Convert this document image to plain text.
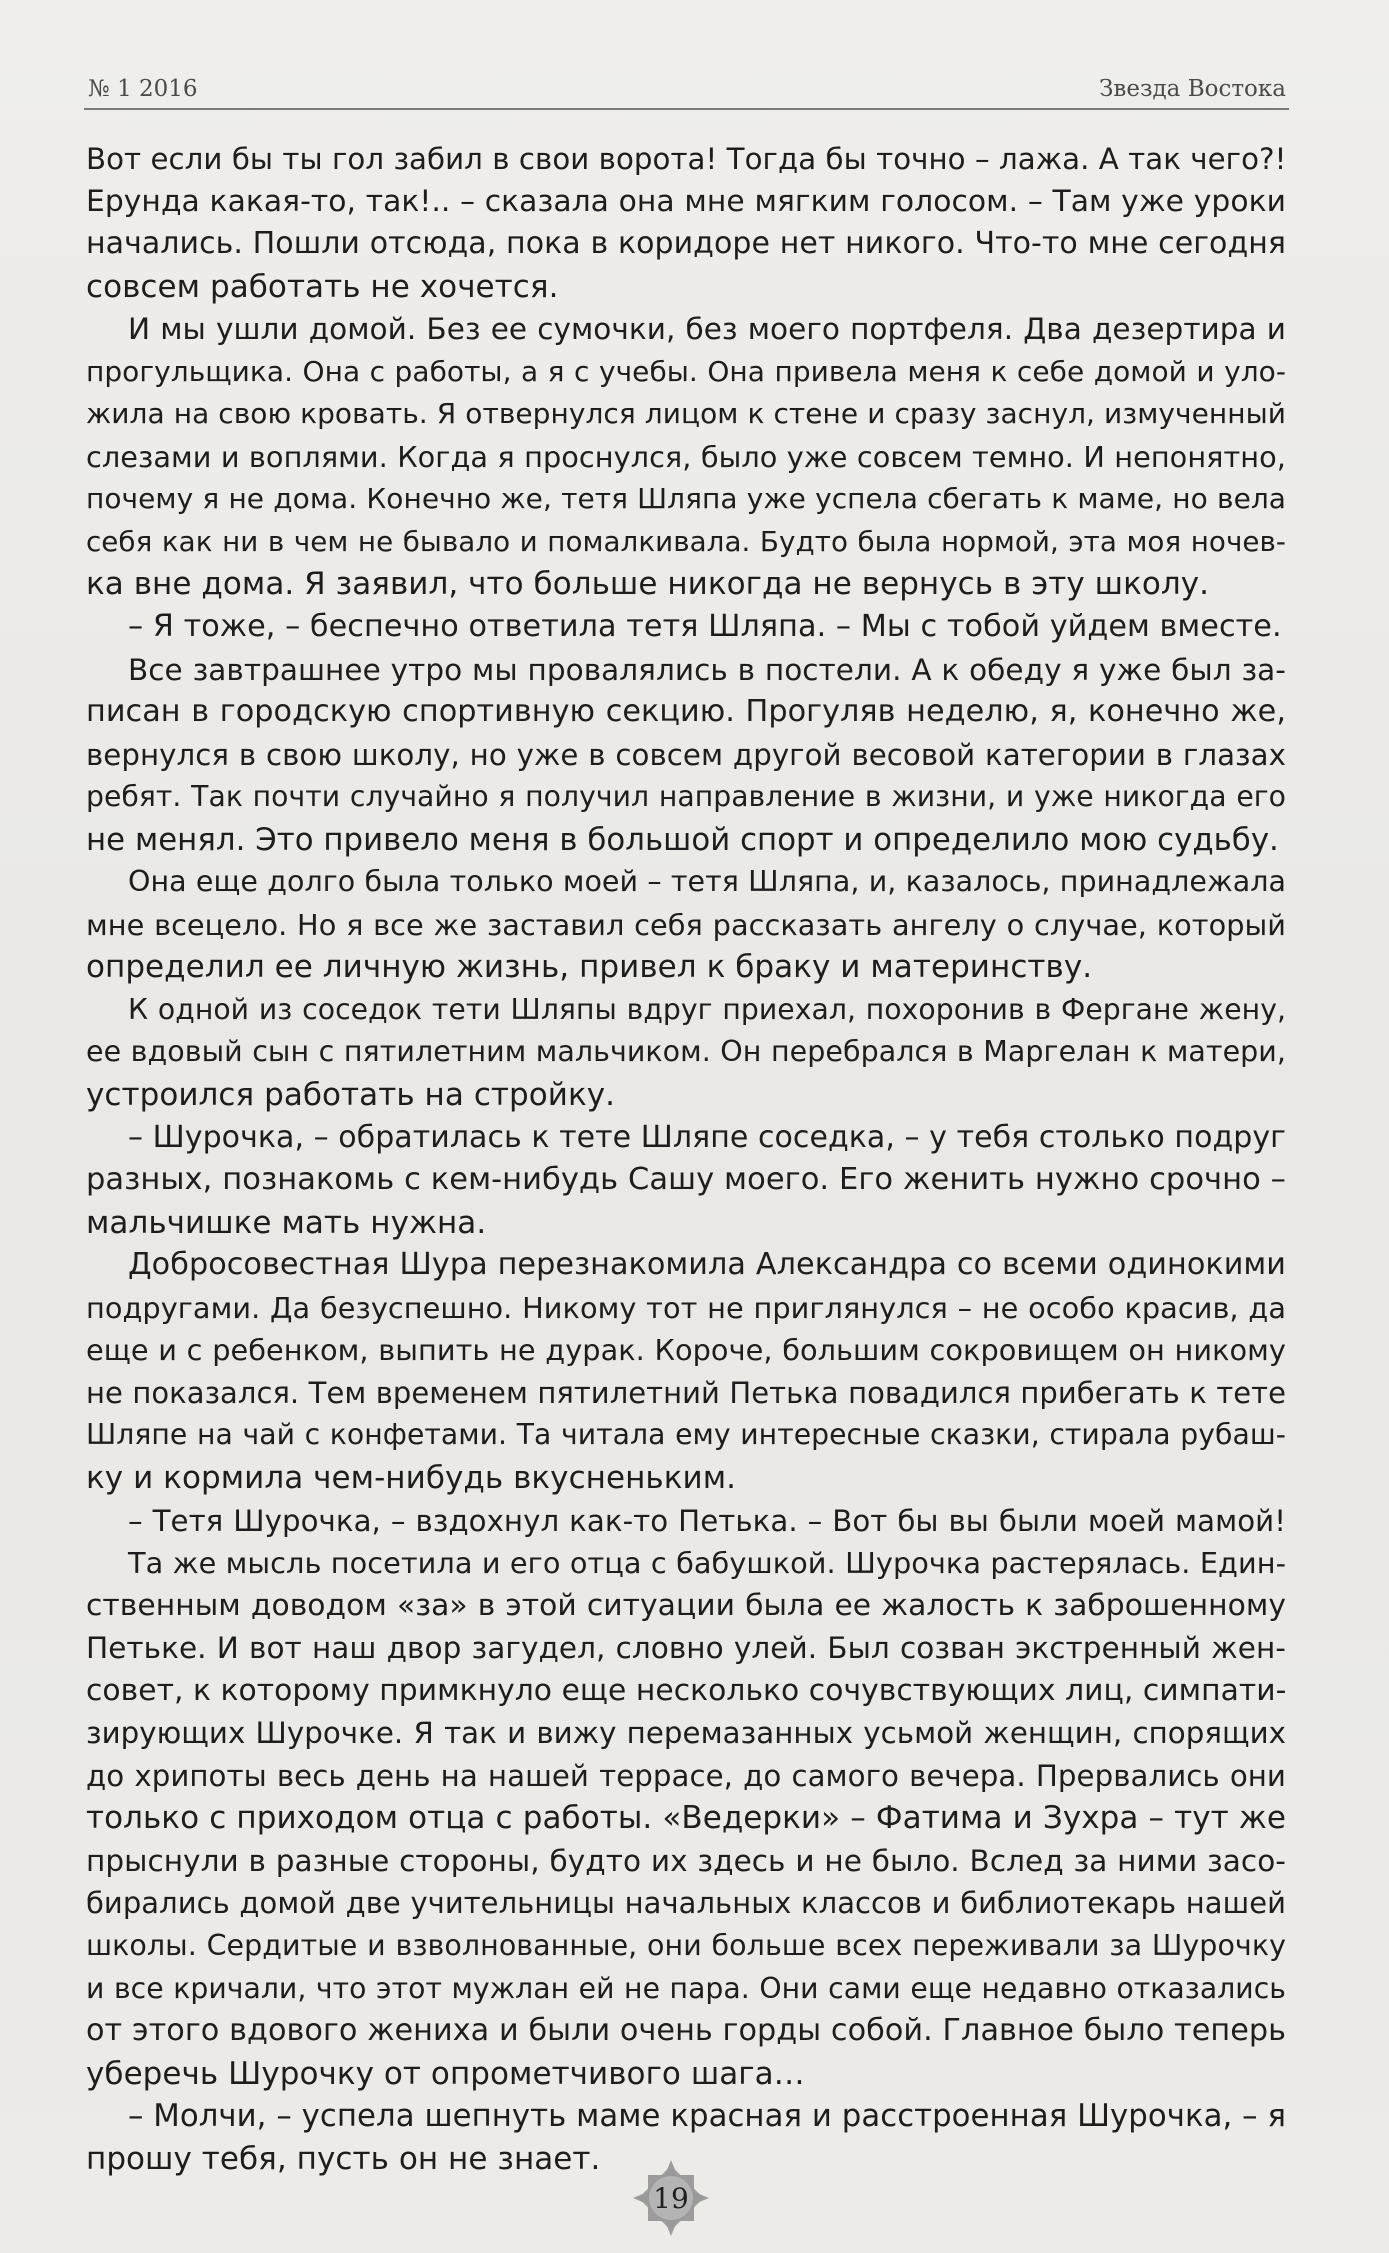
№ 1 2016	Звезда Востока
Вот если бы ты гол забил в свои ворота! Тогда бы точно – лажа. А так чего?!
Ерунда какая-то, так!.. – сказала она мне мягким голосом. – Там уже уроки
начались. Пошли отсюда, пока в коридоре нет никого. Что-то мне сегодня
совсем работать не хочется.
И мы ушли домой. Без ее сумочки, без моего портфеля. Два дезертира и
прогульщика. Она с работы, а я с учебы. Она привела меня к себе домой и уло-
жила на свою кровать. Я отвернулся лицом к стене и сразу заснул, измученный
слезами и воплями. Когда я проснулся, было уже совсем темно. И непонятно,
почему я не дома. Конечно же, тетя Шляпа уже успела сбегать к маме, но вела
себя как ни в чем не бывало и помалкивала. Будто была нормой, эта моя ночев-
ка вне дома. Я заявил, что больше никогда не вернусь в эту школу.
– Я тоже, – беспечно ответила тетя Шляпа. – Мы с тобой уйдем вместе.
Все завтрашнее утро мы провалялись в постели. А к обеду я уже был за-
писан в городскую спортивную секцию. Прогуляв неделю, я, конечно же,
вернулся в свою школу, но уже в совсем другой весовой категории в глазах
ребят. Так почти случайно я получил направление в жизни, и уже никогда его
не менял. Это привело меня в большой спорт и определило мою судьбу.
Она еще долго была только моей – тетя Шляпа, и, казалось, принадлежала
мне всецело. Но я все же заставил себя рассказать ангелу о случае, который
определил ее личную жизнь, привел к браку и материнству.
К одной из соседок тети Шляпы вдруг приехал, похоронив в Фергане жену,
ее вдовый сын с пятилетним мальчиком. Он перебрался в Маргелан к матери,
устроился работать на стройку.
– Шурочка, – обратилась к тете Шляпе соседка, – у тебя столько подруг
разных, познакомь с кем-нибудь Сашу моего. Его женить нужно срочно –
мальчишке мать нужна.
Добросовестная Шура перезнакомила Александра со всеми одинокими
подругами. Да безуспешно. Никому тот не приглянулся – не особо красив, да
еще и с ребенком, выпить не дурак. Короче, большим сокровищем он никому
не показался. Тем временем пятилетний Петька повадился прибегать к тете
Шляпе на чай с конфетами. Та читала ему интересные сказки, стирала рубаш-
ку и кормила чем-нибудь вкусненьким.
– Тетя Шурочка, – вздохнул как-то Петька. – Вот бы вы были моей мамой!
Та же мысль посетила и его отца с бабушкой. Шурочка растерялась. Един-
ственным доводом «за» в этой ситуации была ее жалость к заброшенному
Петьке. И вот наш двор загудел, словно улей. Был созван экстренный жен-
совет, к которому примкнуло еще несколько сочувствующих лиц, симпати-
зирующих Шурочке. Я так и вижу перемазанных усьмой женщин, спорящих
до хрипоты весь день на нашей террасе, до самого вечера. Прервались они
только с приходом отца с работы. «Ведерки» – Фатима и Зухра – тут же
прыснули в разные стороны, будто их здесь и не было. Вслед за ними засо-
бирались домой две учительницы начальных классов и библиотекарь нашей
школы. Сердитые и взволнованные, они больше всех переживали за Шурочку
и все кричали, что этот мужлан ей не пара. Они сами еще недавно отказались
от этого вдового жениха и были очень горды собой. Главное было теперь
уберечь Шурочку от опрометчивого шага…
– Молчи, – успела шепнуть маме красная и расстроенная Шурочка, – я
прошу тебя, пусть он не знает.
19
